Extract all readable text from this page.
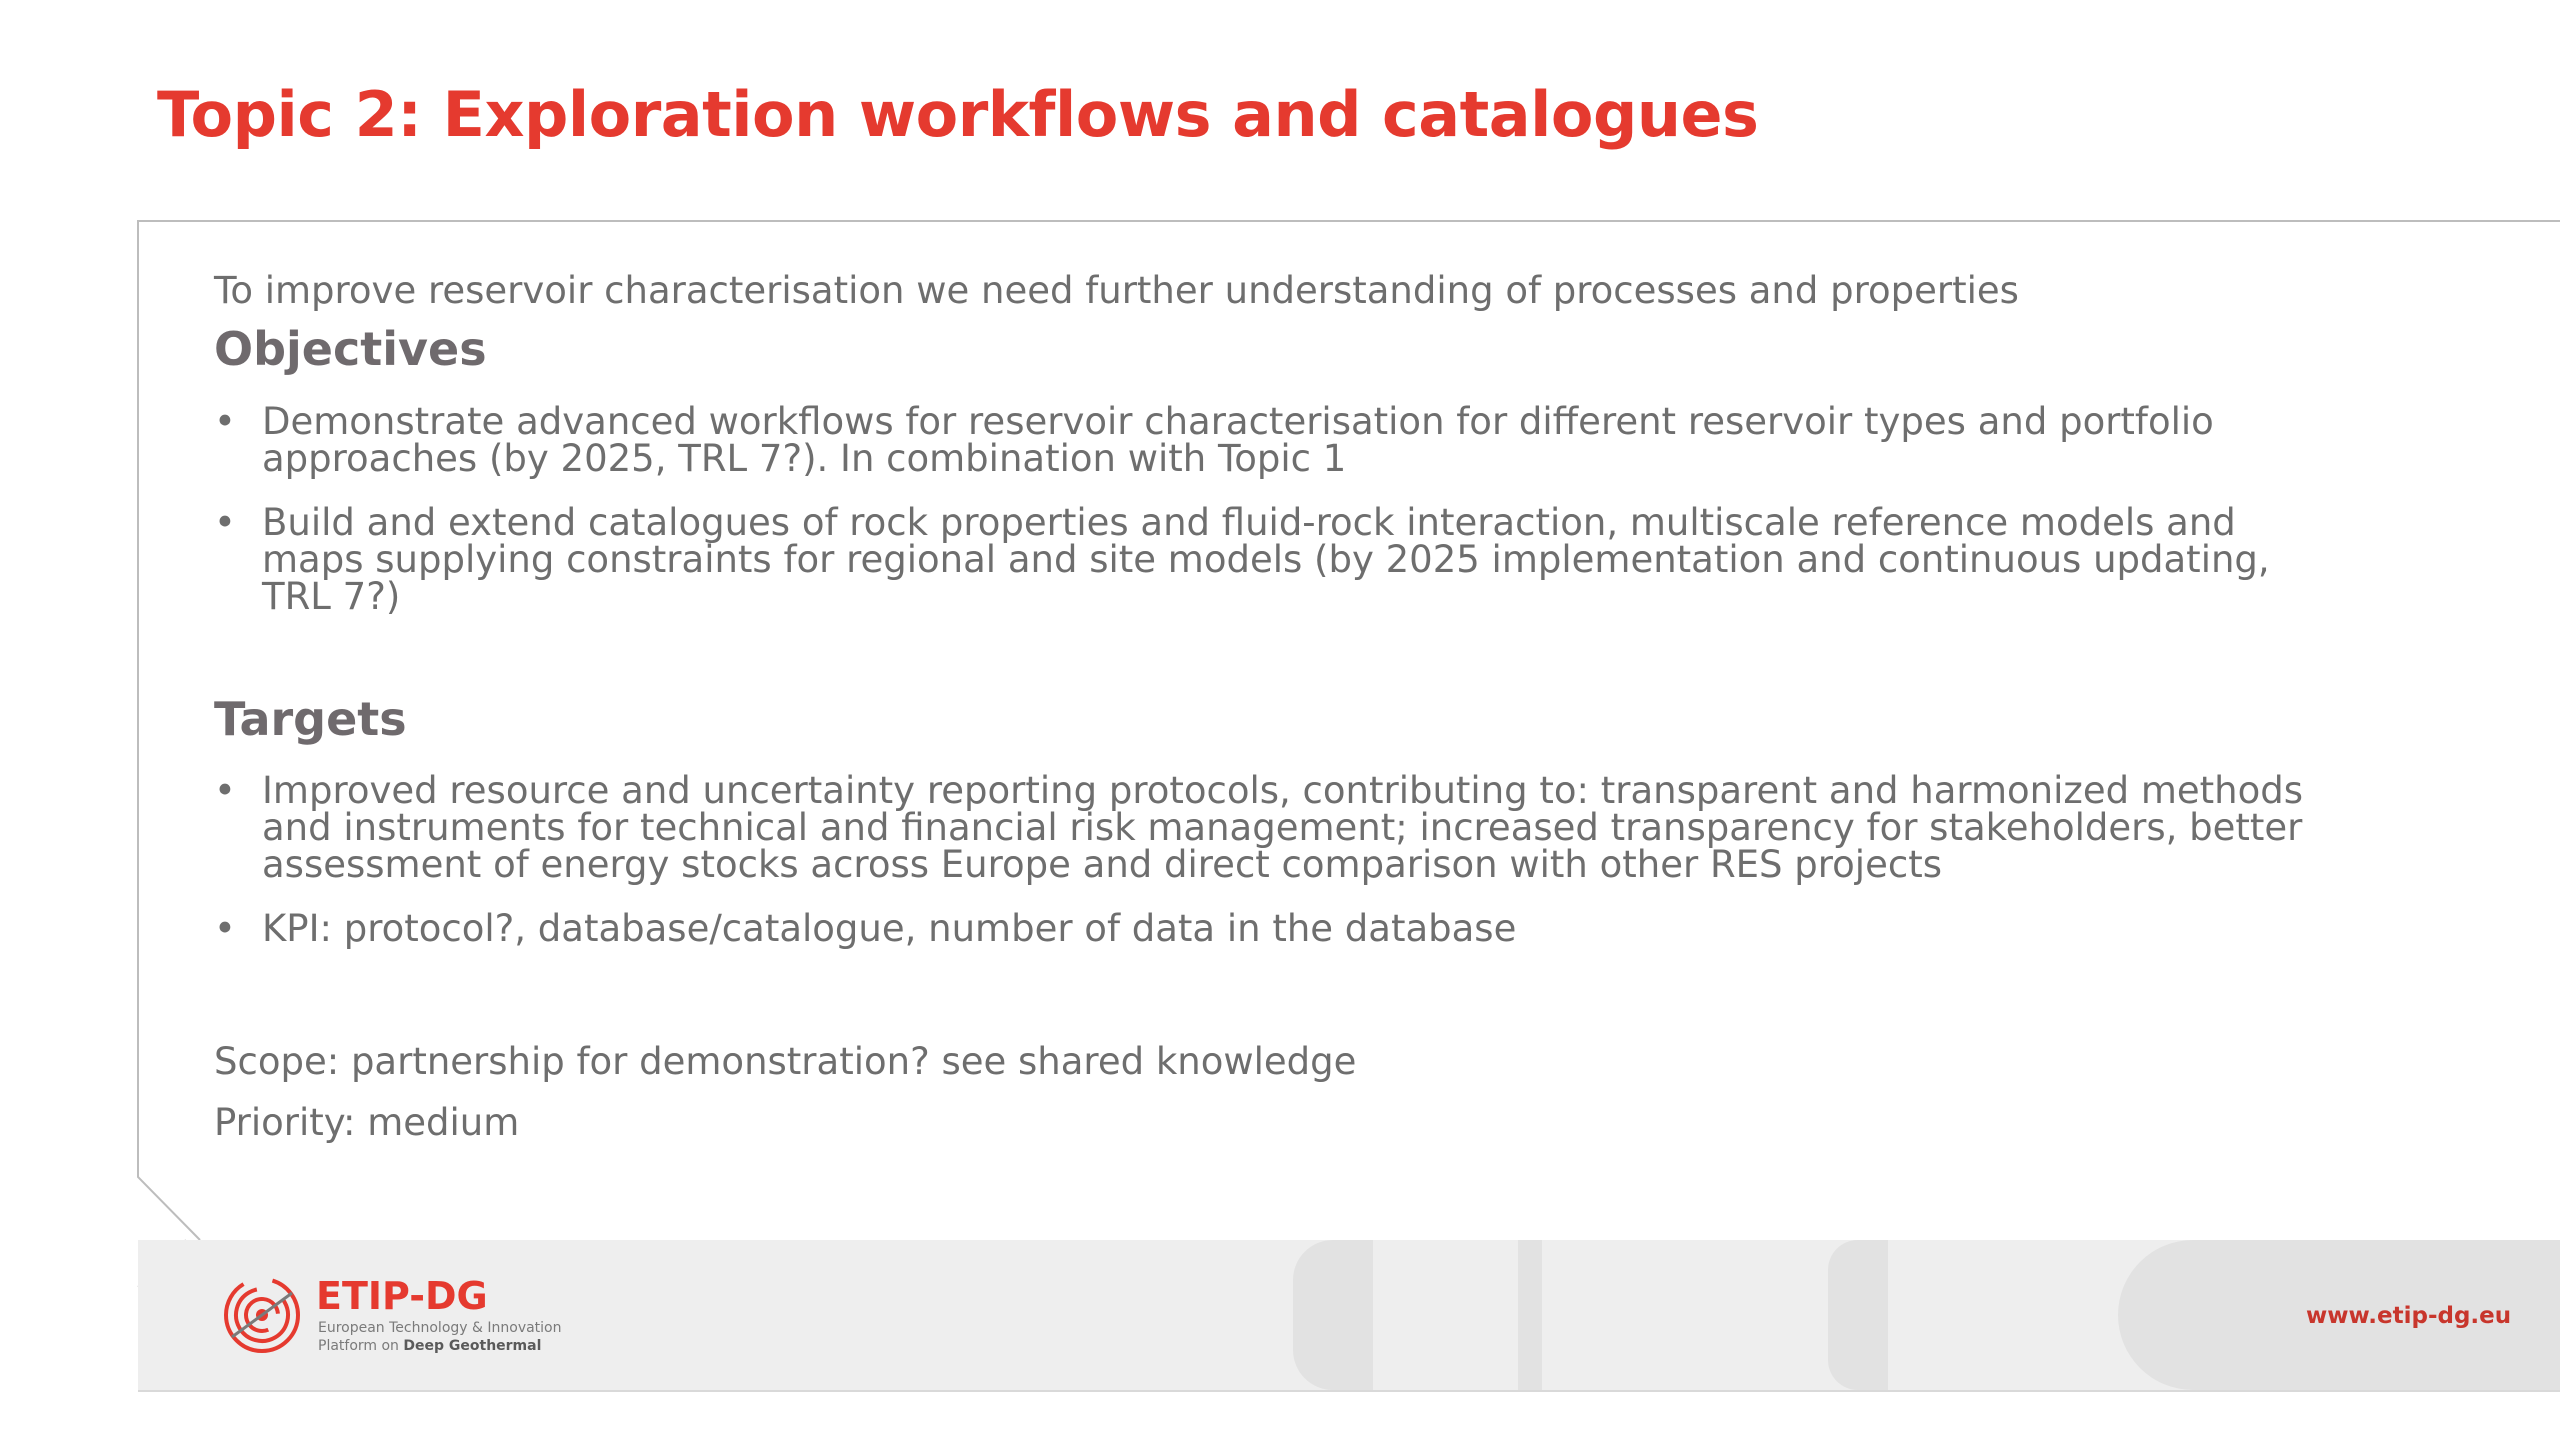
Topic 2: Exploration workflows and catalogues

To improve reservoir characterisation we need further understanding of processes and properties

Objectives
• Demonstrate advanced workflows for reservoir characterisation for different reservoir types and portfolio approaches (by 2025, TRL 7?). In combination with Topic 1
• Build and extend catalogues of rock properties and fluid-rock interaction, multiscale reference models and maps supplying constraints for regional and site models (by 2025 implementation and continuous updating, TRL 7?)
Targets
• Improved resource and uncertainty reporting protocols, contributing to: transparent and harmonized methods and instruments for technical and financial risk management; increased transparency for stakeholders, better assessment of energy stocks across Europe and direct comparison with other RES projects
• KPI: protocol?, database/catalogue, number of data in the database

Scope: partnership for demonstration? see shared knowledge

Priority: medium

ETIP-DG
European Technology & Innovation
Platform on Deep Geothermal
www.etip-dg.eu
